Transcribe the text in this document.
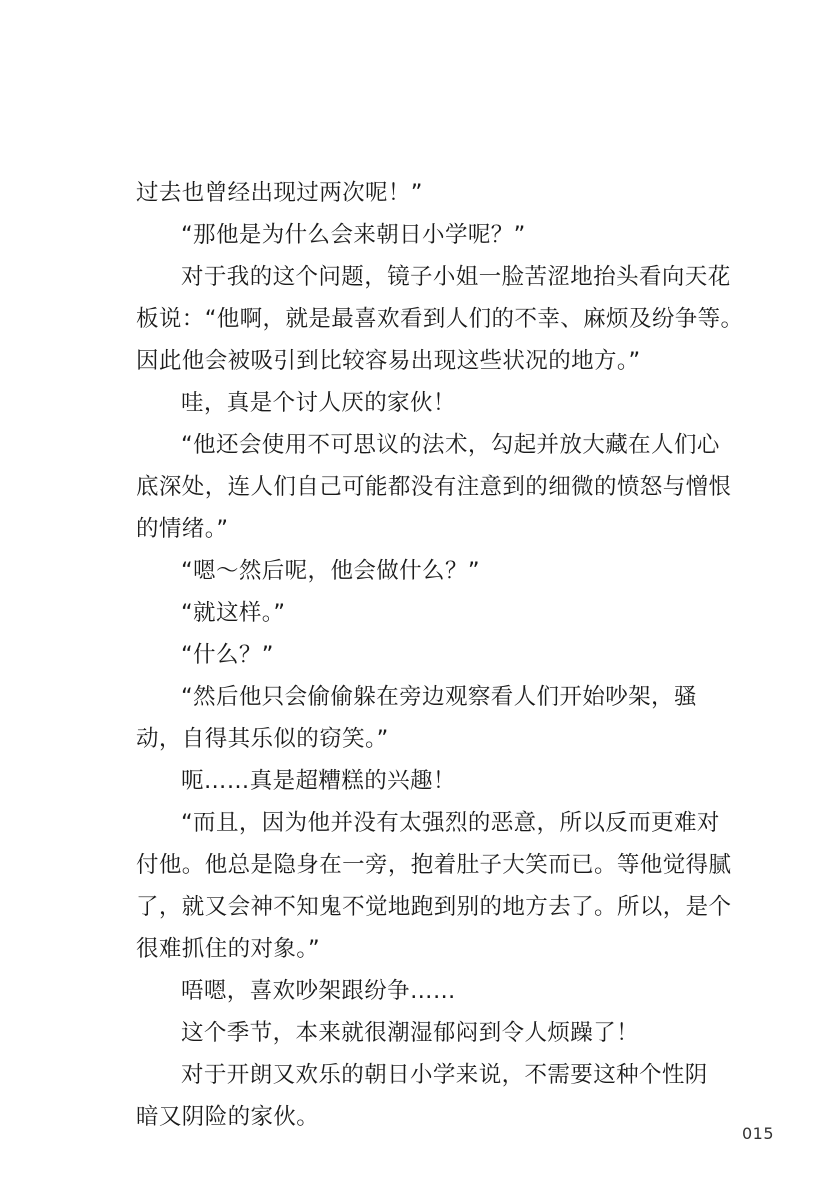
过去也曾经出现过两次呢！”
“那他是为什么会来朝日小学呢？”
对于我的这个问题，镜子小姐一脸苦涩地抬头看向天花
板说：“他啊，就是最喜欢看到人们的不幸、麻烦及纷争等。
因此他会被吸引到比较容易出现这些状况的地方。”
哇，真是个讨人厌的家伙！
“他还会使用不可思议的法术，勾起并放大藏在人们心
底深处，连人们自己可能都没有注意到的细微的愤怒与憎恨
的情绪。”
“嗯～然后呢，他会做什么？”
“就这样。”
“什么？”
“然后他只会偷偷躲在旁边观察看人们开始吵架，骚
动，自得其乐似的窃笑。”
呃……真是超糟糕的兴趣！
“而且，因为他并没有太强烈的恶意，所以反而更难对
付他。他总是隐身在一旁，抱着肚子大笑而已。等他觉得腻
了，就又会神不知鬼不觉地跑到别的地方去了。所以，是个
很难抓住的对象。”
唔嗯，喜欢吵架跟纷争……
这个季节，本来就很潮湿郁闷到令人烦躁了！
对于开朗又欢乐的朝日小学来说，不需要这种个性阴
暗又阴险的家伙。
015
